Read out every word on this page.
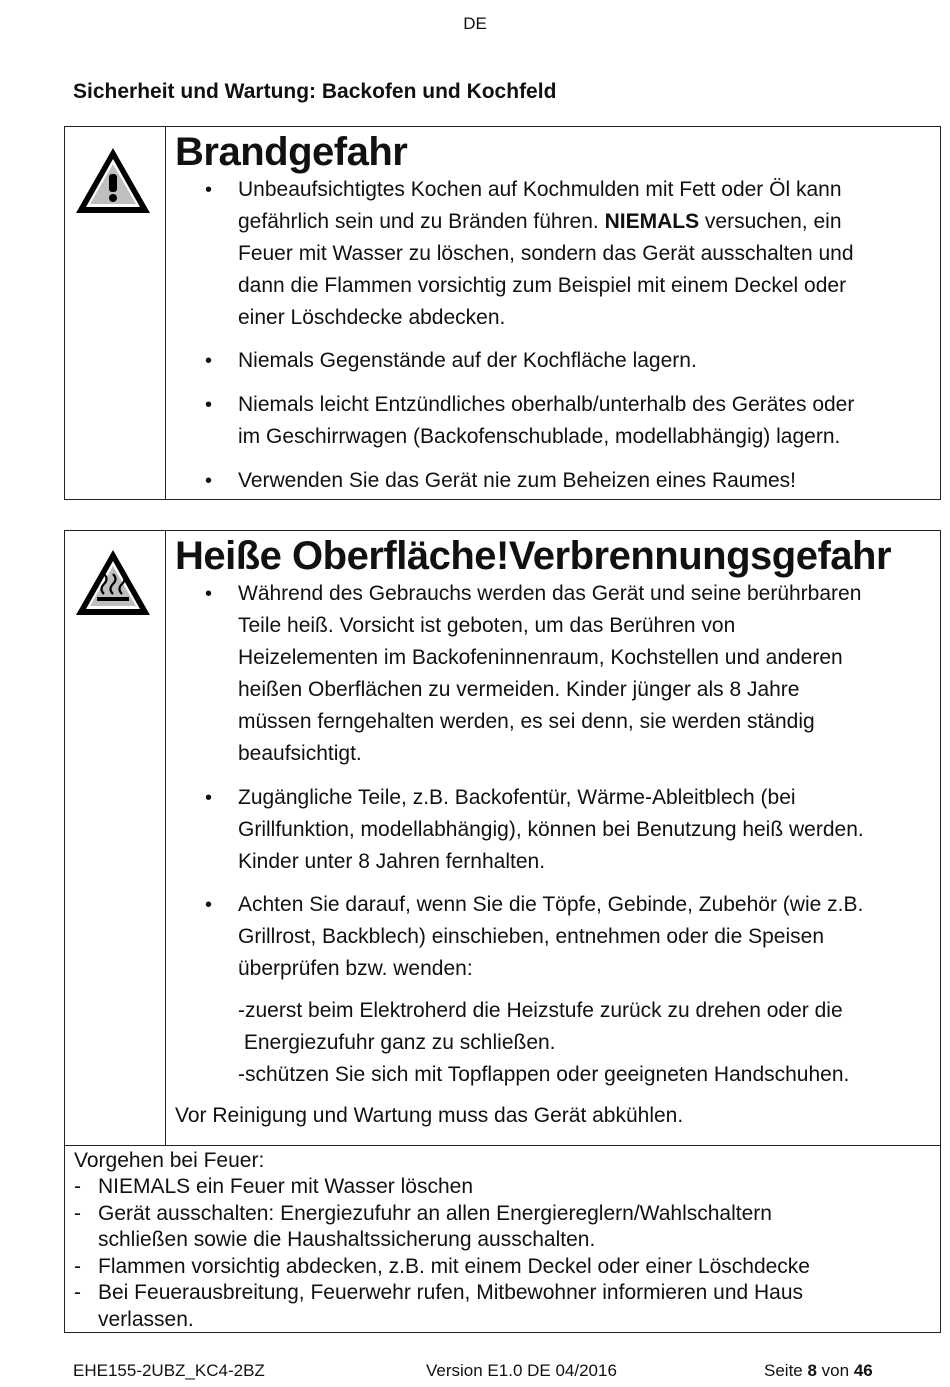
DE
Sicherheit und Wartung: Backofen und Kochfeld
Brandgefahr
• Unbeaufsichtigtes Kochen auf Kochmulden mit Fett oder Öl kann
gefährlich sein und zu Bränden führen. NIEMALS versuchen, ein
Feuer mit Wasser zu löschen, sondern das Gerät ausschalten und
dann die Flammen vorsichtig zum Beispiel mit einem Deckel oder
einer Löschdecke abdecken.
• Niemals Gegenstände auf der Kochfläche lagern.
• Niemals leicht Entzündliches oberhalb/unterhalb des Gerätes oder
im Geschirrwagen (Backofenschublade, modellabhängig) lagern.
• Verwenden Sie das Gerät nie zum Beheizen eines Raumes!
Heiße Oberfläche!Verbrennungsgefahr
• Während des Gebrauchs werden das Gerät und seine berührbaren
Teile heiß. Vorsicht ist geboten, um das Berühren von
Heizelementen im Backofeninnenraum, Kochstellen und anderen
heißen Oberflächen zu vermeiden. Kinder jünger als 8 Jahre
müssen ferngehalten werden, es sei denn, sie werden ständig
beaufsichtigt.
• Zugängliche Teile, z.B. Backofentür, Wärme-Ableitblech (bei
Grillfunktion, modellabhängig), können bei Benutzung heiß werden.
Kinder unter 8 Jahren fernhalten.
• Achten Sie darauf, wenn Sie die Töpfe, Gebinde, Zubehör (wie z.B.
Grillrost, Backblech) einschieben, entnehmen oder die Speisen
überprüfen bzw. wenden:
-zuerst beim Elektroherd die Heizstufe zurück zu drehen oder die
Energiezufuhr ganz zu schließen.
-schützen Sie sich mit Topflappen oder geeigneten Handschuhen.
Vor Reinigung und Wartung muss das Gerät abkühlen.
Vorgehen bei Feuer:
- NIEMALS ein Feuer mit Wasser löschen
- Gerät ausschalten: Energiezufuhr an allen Energiereglern/Wahlschaltern
schließen sowie die Haushaltssicherung ausschalten.
- Flammen vorsichtig abdecken, z.B. mit einem Deckel oder einer Löschdecke
- Bei Feuerausbreitung, Feuerwehr rufen, Mitbewohner informieren und Haus
verlassen.
EHE155-2UBZ_KC4-2BZ	Version E1.0 DE 04/2016	Seite 8 von 46
